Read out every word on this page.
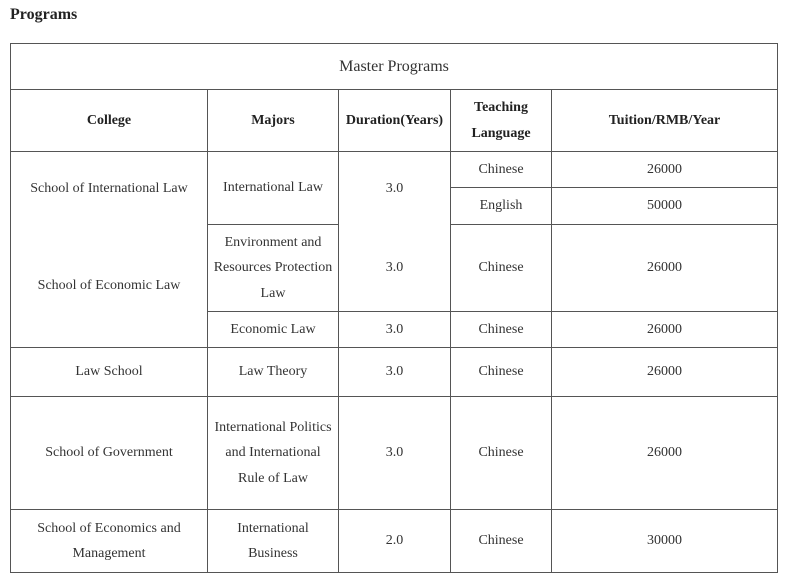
Programs
Master Programs				
College	Majors	Duration(Years)	Teaching Language	Tuition/RMB/Year
School of International Law	International Law	3.0	Chinese	26000
			English	50000
School of Economic Law	Environment and Resources Protection Law	3.0	Chinese	26000
	Economic Law	3.0	Chinese	26000
Law School	Law Theory	3.0	Chinese	26000
School of Government	International Politics and International Rule of Law	3.0	Chinese	26000
School of Economics and Management	International Business	2.0	Chinese	30000
